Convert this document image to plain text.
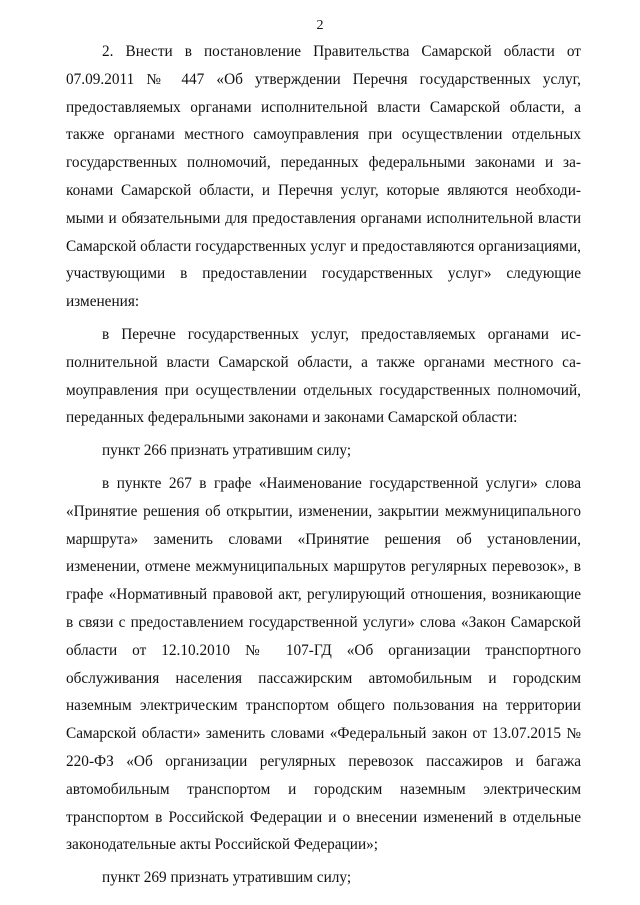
2

2. Внести в постановление Правительства Самарской области от 07.09.2011 № 447 «Об утверждении Перечня государственных услуг, предоставляемых органами исполнительной власти Самарской области, а также органами местного самоуправления при осуществлении отдельных государственных полномочий, переданных федеральными законами и законами Самарской области, и Перечня услуг, которые являются необходимыми и обязательными для предоставления органами исполнительной власти Самарской области государственных услуг и предоставляются организациями, участвующими в предоставлении государственных услуг» следующие изменения:

в Перечне государственных услуг, предоставляемых органами исполнительной власти Самарской области, а также органами местного самоуправления при осуществлении отдельных государственных полномочий, переданных федеральными законами и законами Самарской области:

пункт 266 признать утратившим силу;

в пункте 267 в графе «Наименование государственной услуги» слова «Принятие решения об открытии, изменении, закрытии межмуниципального маршрута» заменить словами «Принятие решения об установлении, изменении, отмене межмуниципальных маршрутов регулярных перевозок», в графе «Нормативный правовой акт, регулирующий отношения, возникающие в связи с предоставлением государственной услуги» слова «Закон Самарской области от 12.10.2010 № 107-ГД «Об организации транспортного обслуживания населения пассажирским автомобильным и городским наземным электрическим транспортом общего пользования на территории Самарской области» заменить словами «Федеральный закон от 13.07.2015 № 220-ФЗ «Об организации регулярных перевозок пассажиров и багажа автомобильным транспортом и городским наземным электрическим транспортом в Российской Федерации и о внесении изменений в отдельные законодательные акты Российской Федерации»;

пункт 269 признать утратившим силу;
